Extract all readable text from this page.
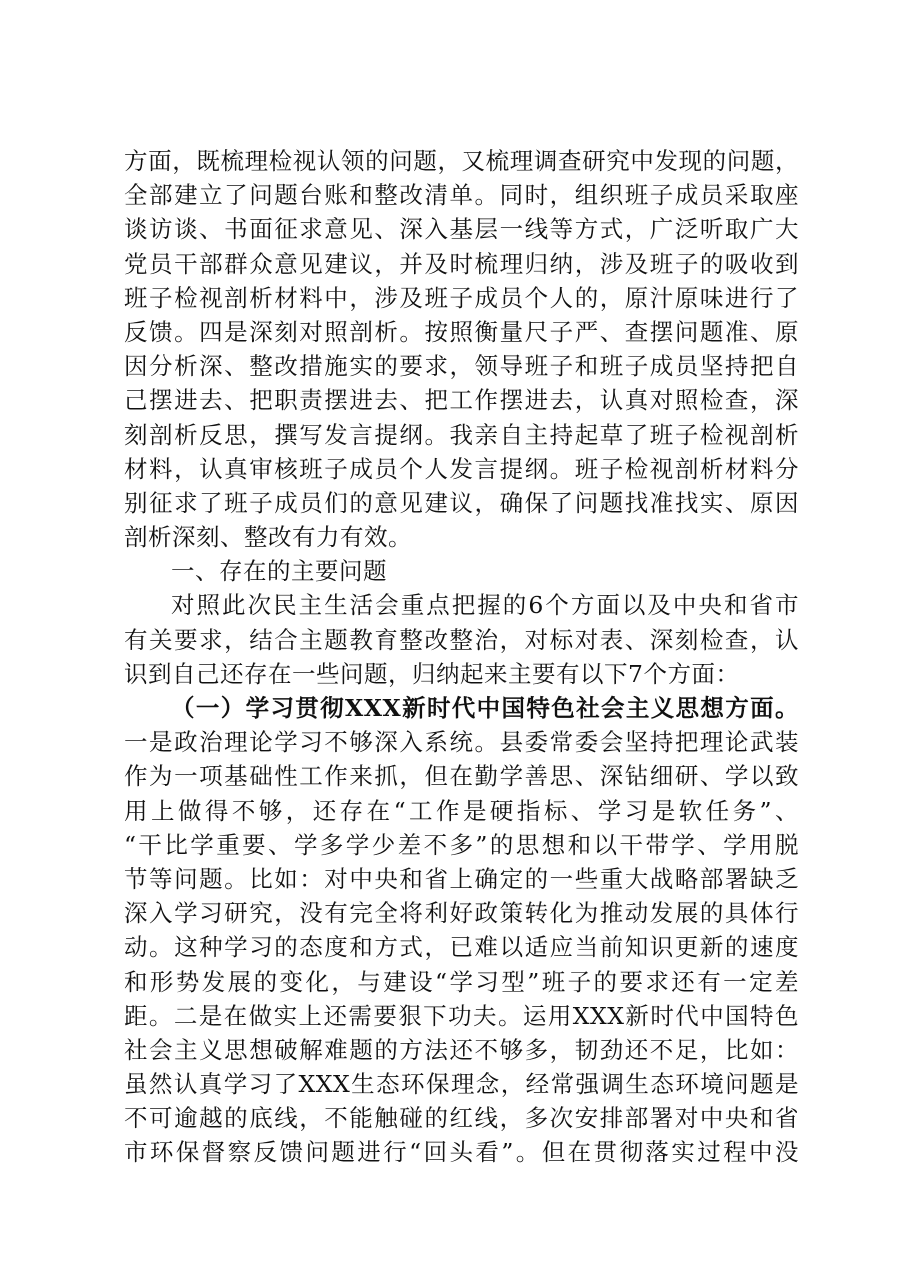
方面，既梳理检视认领的问题，又梳理调查研究中发现的问题，
全部建立了问题台账和整改清单。同时，组织班子成员采取座
谈访谈、书面征求意见、深入基层一线等方式，广泛听取广大
党员干部群众意见建议，并及时梳理归纳，涉及班子的吸收到
班子检视剖析材料中，涉及班子成员个人的，原汁原味进行了
反馈。四是深刻对照剖析。按照衡量尺子严、查摆问题准、原
因分析深、整改措施实的要求，领导班子和班子成员坚持把自
己摆进去、把职责摆进去、把工作摆进去，认真对照检查，深
刻剖析反思，撰写发言提纲。我亲自主持起草了班子检视剖析
材料，认真审核班子成员个人发言提纲。班子检视剖析材料分
别征求了班子成员们的意见建议，确保了问题找准找实、原因
剖析深刻、整改有力有效。
一、存在的主要问题
对照此次民主生活会重点把握的6个方面以及中央和省市
有关要求，结合主题教育整改整治，对标对表、深刻检查，认
识到自己还存在一些问题，归纳起来主要有以下7个方面：
（一）学习贯彻XXX新时代中国特色社会主义思想方面。
一是政治理论学习不够深入系统。县委常委会坚持把理论武装
作为一项基础性工作来抓，但在勤学善思、深钻细研、学以致
用上做得不够，还存在“工作是硬指标、学习是软任务”、
“干比学重要、学多学少差不多”的思想和以干带学、学用脱
节等问题。比如：对中央和省上确定的一些重大战略部署缺乏
深入学习研究，没有完全将利好政策转化为推动发展的具体行
动。这种学习的态度和方式，已难以适应当前知识更新的速度
和形势发展的变化，与建设“学习型”班子的要求还有一定差
距。二是在做实上还需要狠下功夫。运用XXX新时代中国特色
社会主义思想破解难题的方法还不够多，韧劲还不足，比如：
虽然认真学习了XXX生态环保理念，经常强调生态环境问题是
不可逾越的底线，不能触碰的红线，多次安排部署对中央和省
市环保督察反馈问题进行“回头看”。但在贯彻落实过程中没
